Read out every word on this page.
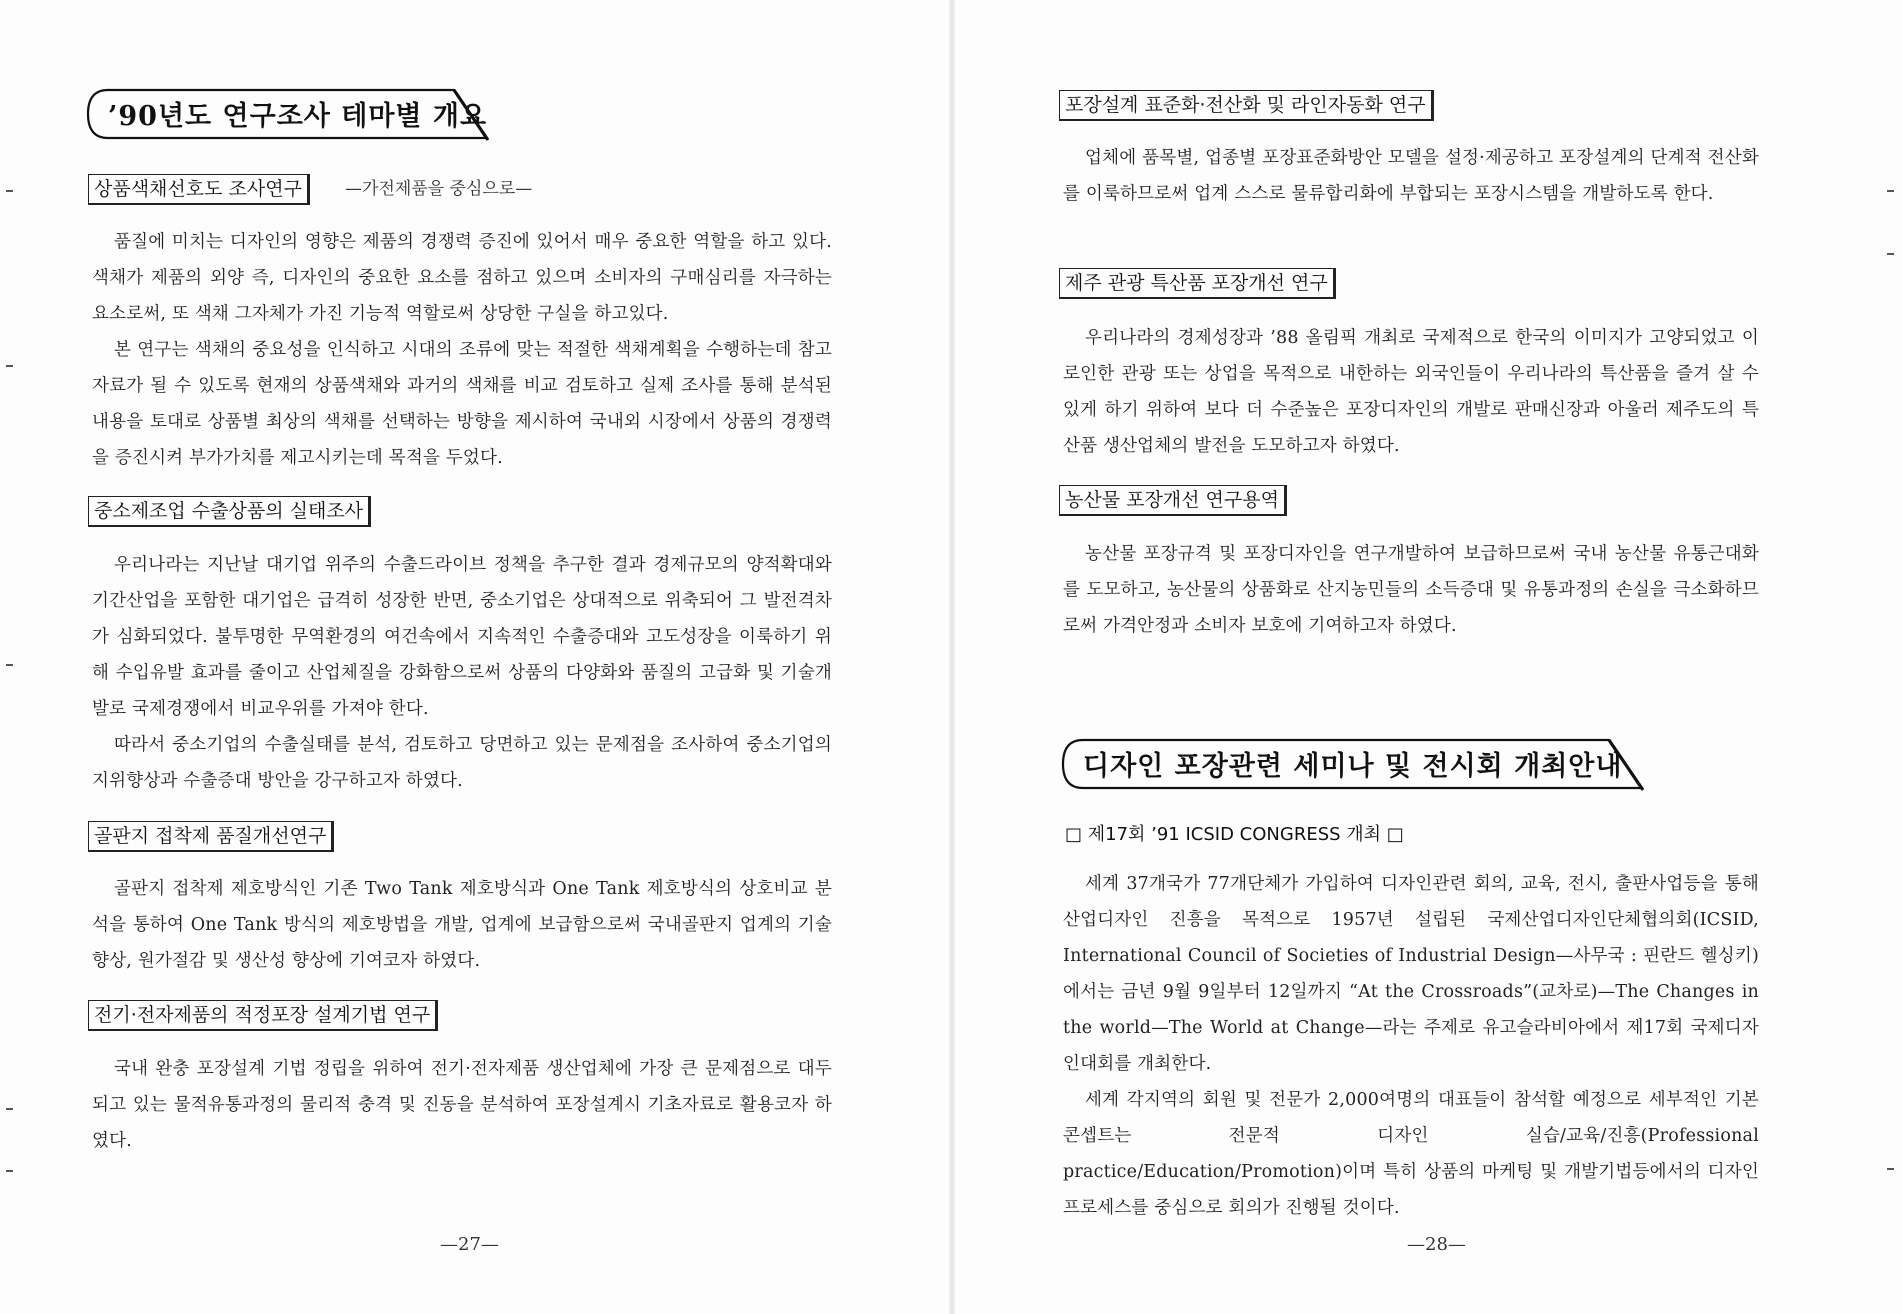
’90년도 연구조사 테마별 개요
상품색채선호도 조사연구	—가전제품을 중심으로—

품질에 미치는 디자인의 영향은 제품의 경쟁력 증진에 있어서 매우 중요한 역할을 하고 있다. 색채가 제품의 외양 즉, 디자인의 중요한 요소를 점하고 있으며 소비자의 구매심리를 자극하는 요소로써, 또 색채 그자체가 가진 기능적 역할로써 상당한 구실을 하고있다.

본 연구는 색채의 중요성을 인식하고 시대의 조류에 맞는 적절한 색채계획을 수행하는데 참고자료가 될 수 있도록 현재의 상품색채와 과거의 색채를 비교 검토하고 실제 조사를 통해 분석된 내용을 토대로 상품별 최상의 색채를 선택하는 방향을 제시하여 국내외 시장에서 상품의 경쟁력을 증진시켜 부가가치를 제고시키는데 목적을 두었다.

중소제조업 수출상품의 실태조사

우리나라는 지난날 대기업 위주의 수출드라이브 정책을 추구한 결과 경제규모의 양적확대와 기간산업을 포함한 대기업은 급격히 성장한 반면, 중소기업은 상대적으로 위축되어 그 발전격차가 심화되었다. 불투명한 무역환경의 여건속에서 지속적인 수출증대와 고도성장을 이룩하기 위해 수입유발 효과를 줄이고 산업체질을 강화함으로써 상품의 다양화와 품질의 고급화 및 기술개발로 국제경쟁에서 비교우위를 가져야 한다.

따라서 중소기업의 수출실태를 분석, 검토하고 당면하고 있는 문제점을 조사하여 중소기업의 지위향상과 수출증대 방안을 강구하고자 하였다.

골판지 접착제 품질개선연구

골판지 접착제 제호방식인 기존 Two Tank 제호방식과 One Tank 제호방식의 상호비교 분석을 통하여 One Tank 방식의 제호방법을 개발, 업계에 보급함으로써 국내골판지 업계의 기술향상, 원가절감 및 생산성 향상에 기여코자 하였다.

전기·전자제품의 적정포장 설계기법 연구

국내 완충 포장설계 기법 정립을 위하여 전기·전자제품 생산업체에 가장 큰 문제점으로 대두되고 있는 물적유통과정의 물리적 충격 및 진동을 분석하여 포장설계시 기초자료로 활용코자 하였다.

—27—
포장설계 표준화·전산화 및 라인자동화 연구

업체에 품목별, 업종별 포장표준화방안 모델을 설정·제공하고 포장설계의 단계적 전산화를 이룩하므로써 업계 스스로 물류합리화에 부합되는 포장시스템을 개발하도록 한다.

제주 관광 특산품 포장개선 연구

우리나라의 경제성장과 ’88 올림픽 개최로 국제적으로 한국의 이미지가 고양되었고 이로인한 관광 또는 상업을 목적으로 내한하는 외국인들이 우리나라의 특산품을 즐겨 살 수 있게 하기 위하여 보다 더 수준높은 포장디자인의 개발로 판매신장과 아울러 제주도의 특산품 생산업체의 발전을 도모하고자 하였다.

농산물 포장개선 연구용역

농산물 포장규격 및 포장디자인을 연구개발하여 보급하므로써 국내 농산물 유통근대화를 도모하고, 농산물의 상품화로 산지농민들의 소득증대 및 유통과정의 손실을 극소화하므로써 가격안정과 소비자 보호에 기여하고자 하였다.

디자인 포장관련 세미나 및 전시회 개최안내
□ 제17회 ’91 ICSID CONGRESS 개최 □

세계 37개국가 77개단체가 가입하여 디자인관련 회의, 교육, 전시, 출판사업등을 통해 산업디자인 진흥을 목적으로 1957년 설립된 국제산업디자인단체협의회(ICSID, International Council of Societies of Industrial Design—사무국 : 핀란드 헬싱키)에서는 금년 9월 9일부터 12일까지 “At the Crossroads”(교차로)—The Changes in the world—The World at Change—라는 주제로 유고슬라비아에서 제17회 국제디자인대회를 개최한다.

세계 각지역의 회원 및 전문가 2,000여명의 대표들이 참석할 예정으로 세부적인 기본 콘셉트는 전문적 디자인 실습/교육/진흥(Professional practice/Education/Promotion)이며 특히 상품의 마케팅 및 개발기법등에서의 디자인 프로세스를 중심으로 회의가 진행될 것이다.

—28—
